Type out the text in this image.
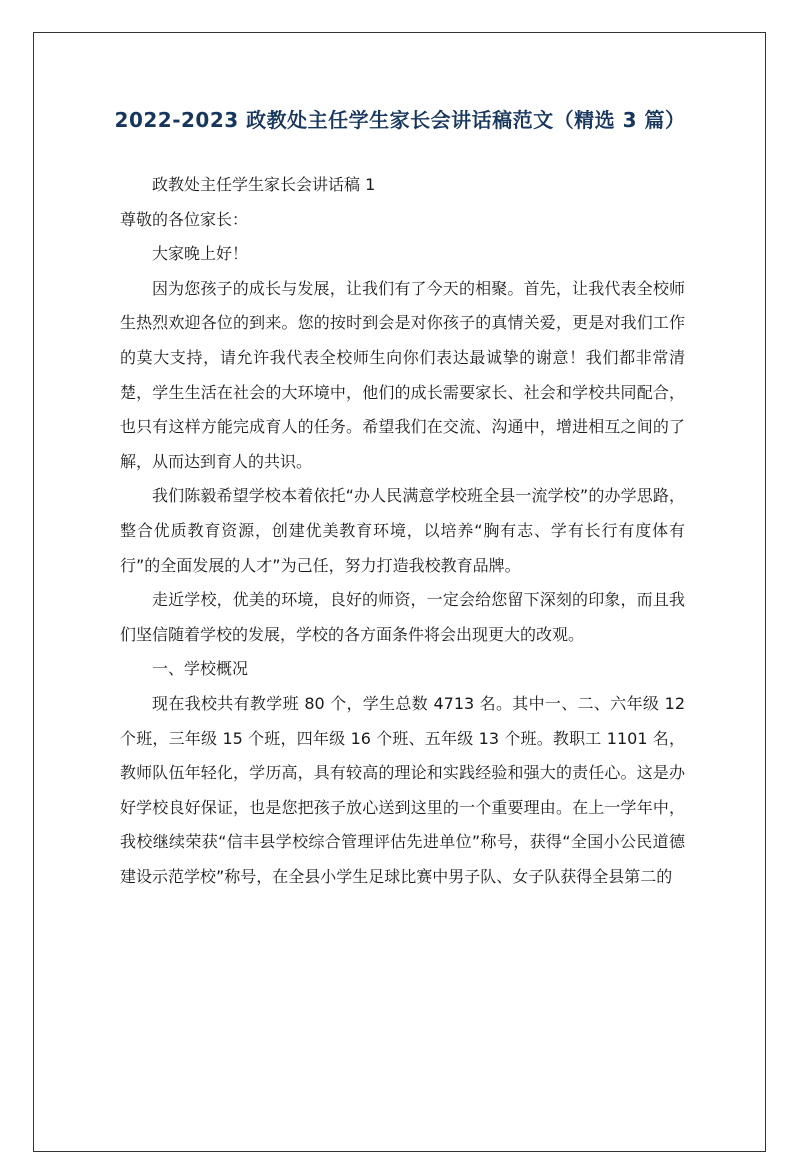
2022-2023 政教处主任学生家长会讲话稿范文（精选 3 篇）

政教处主任学生家长会讲话稿 1

尊敬的各位家长：

大家晚上好！

因为您孩子的成长与发展，让我们有了今天的相聚。首先，让我代表全校师生热烈欢迎各位的到来。您的按时到会是对你孩子的真情关爱，更是对我们工作的莫大支持，请允许我代表全校师生向你们表达最诚挚的谢意！我们都非常清楚，学生生活在社会的大环境中，他们的成长需要家长、社会和学校共同配合，也只有这样方能完成育人的任务。希望我们在交流、沟通中，增进相互之间的了解，从而达到育人的共识。

我们陈毅希望学校本着依托“办人民满意学校班全县一流学校”的办学思路，整合优质教育资源，创建优美教育环境，以培养“胸有志、学有长行有度体有行”的全面发展的人才”为己任，努力打造我校教育品牌。

走近学校，优美的环境，良好的师资，一定会给您留下深刻的印象，而且我们坚信随着学校的发展，学校的各方面条件将会出现更大的改观。

一、学校概况

现在我校共有教学班 80 个，学生总数 4713 名。其中一、二、六年级 12 个班，三年级 15 个班，四年级 16 个班、五年级 13 个班。教职工 1101 名，教师队伍年轻化，学历高，具有较高的理论和实践经验和强大的责任心。这是办好学校良好保证，也是您把孩子放心送到这里的一个重要理由。在上一学年中，我校继续荣获“信丰县学校综合管理评估先进单位”称号，获得“全国小公民道德建设示范学校”称号，在全县小学生足球比赛中男子队、女子队获得全县第二的
